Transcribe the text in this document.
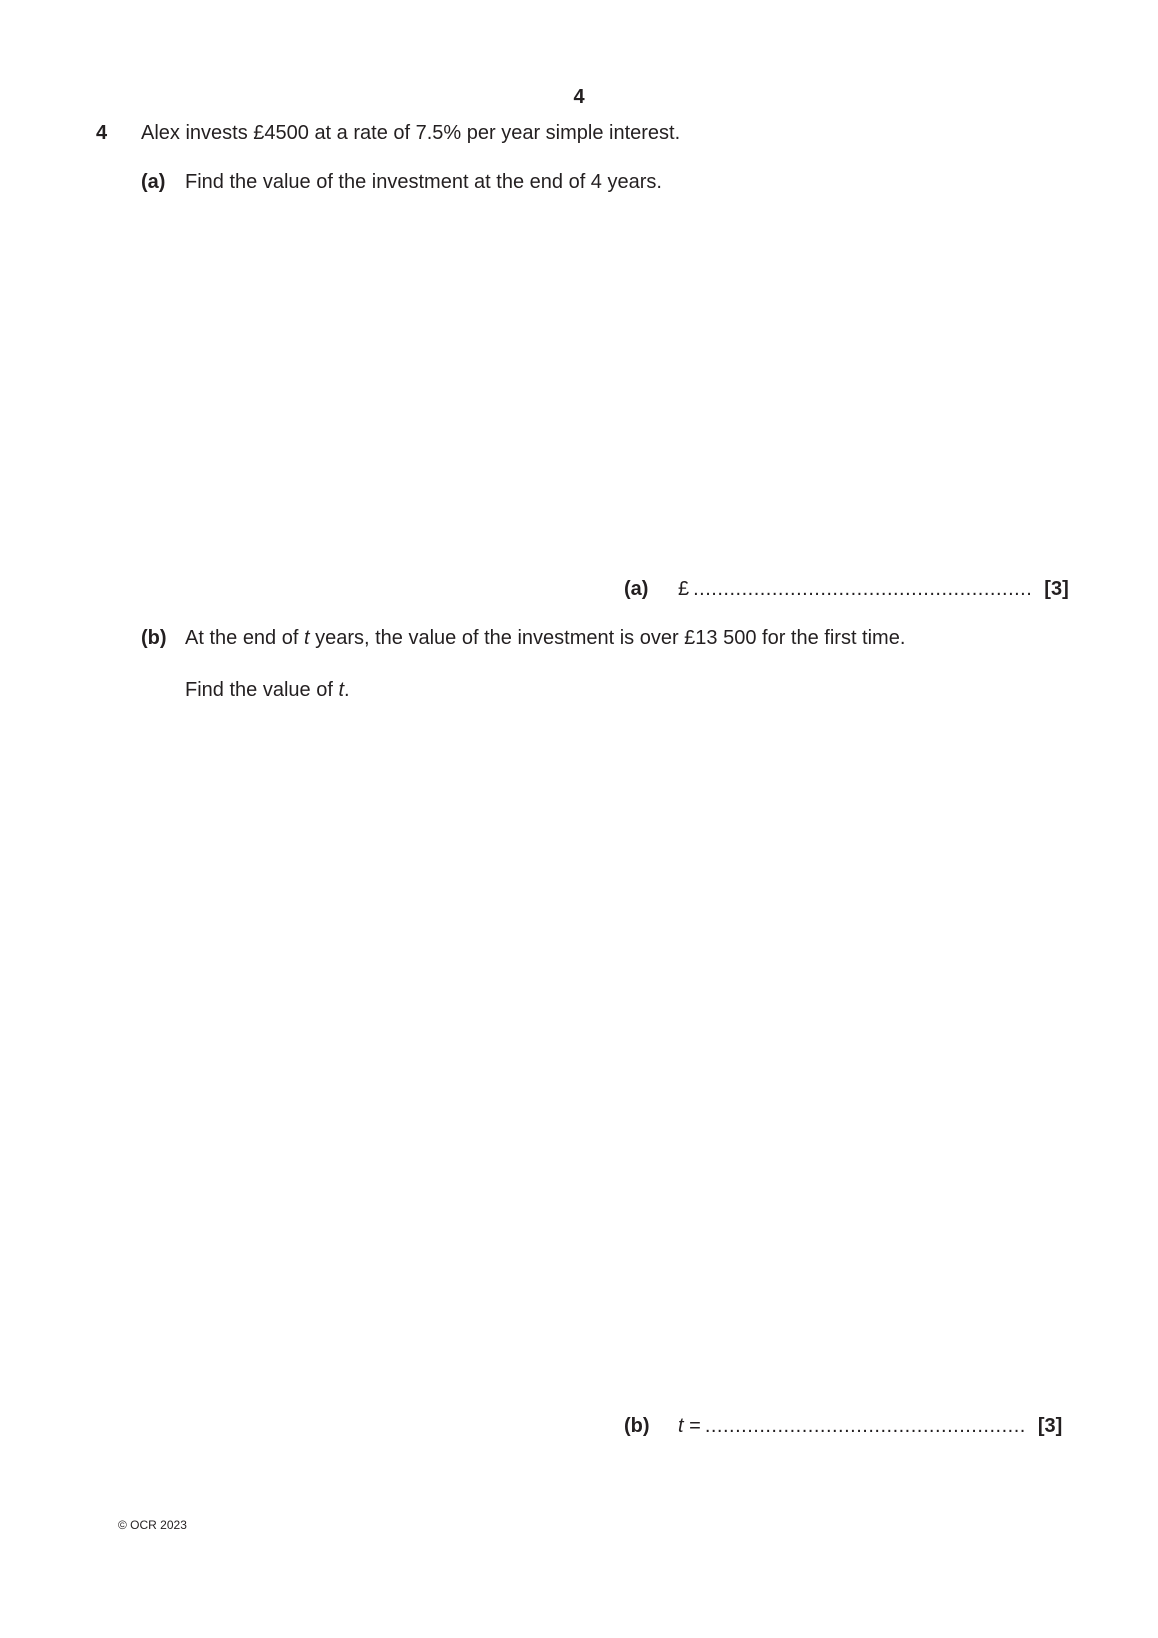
4
4 Alex invests £4500 at a rate of 7.5% per year simple interest.
(a) Find the value of the investment at the end of 4 years.
(a)	£ ........................................................ [3]
(b) At the end of t years, the value of the investment is over £13 500 for the first time.
Find the value of t.
(b)	t = ..................................................... [3]
© OCR 2023
